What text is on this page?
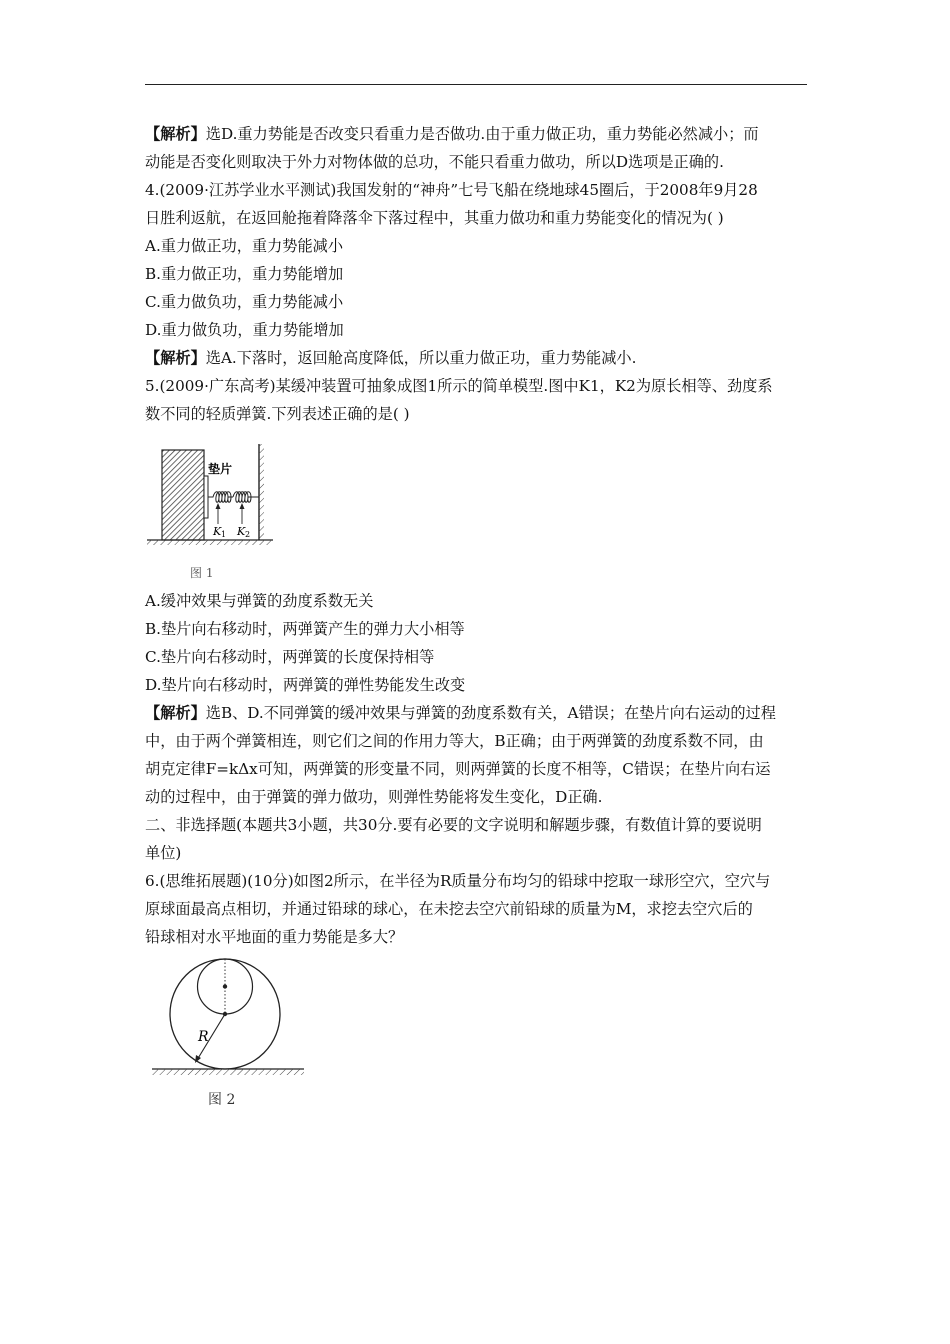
【解析】选D.重力势能是否改变只看重力是否做功.由于重力做正功，重力势能必然减小；而
动能是否变化则取决于外力对物体做的总功，不能只看重力做功，所以D选项是正确的.
4.(2009·江苏学业水平测试)我国发射的“神舟”七号飞船在绕地球45圈后，于2008年9月28
日胜利返航，在返回舱拖着降落伞下落过程中，其重力做功和重力势能变化的情况为( )
A.重力做正功，重力势能减小
B.重力做正功，重力势能增加
C.重力做负功，重力势能减小
D.重力做负功，重力势能增加
【解析】选A.下落时，返回舱高度降低，所以重力做正功，重力势能减小.
5.(2009·广东高考)某缓冲装置可抽象成图1所示的简单模型.图中K1，K2为原长相等、劲度系
数不同的轻质弹簧.下列表述正确的是( )
垫片
K 1 K 2
图 1
A.缓冲效果与弹簧的劲度系数无关
B.垫片向右移动时，两弹簧产生的弹力大小相等
C.垫片向右移动时，两弹簧的长度保持相等
D.垫片向右移动时，两弹簧的弹性势能发生改变
【解析】选B、D.不同弹簧的缓冲效果与弹簧的劲度系数有关，A错误；在垫片向右运动的过程
中，由于两个弹簧相连，则它们之间的作用力等大，B正确；由于两弹簧的劲度系数不同，由
胡克定律F=kΔx可知，两弹簧的形变量不同，则两弹簧的长度不相等，C错误；在垫片向右运
动的过程中，由于弹簧的弹力做功，则弹性势能将发生变化，D正确.
二、非选择题(本题共3小题，共30分.要有必要的文字说明和解题步骤，有数值计算的要说明
单位)
6.(思维拓展题)(10分)如图2所示，在半径为R质量分布均匀的铅球中挖取一球形空穴，空穴与
原球面最高点相切，并通过铅球的球心，在未挖去空穴前铅球的质量为M，求挖去空穴后的
铅球相对水平地面的重力势能是多大？
R
图 2
